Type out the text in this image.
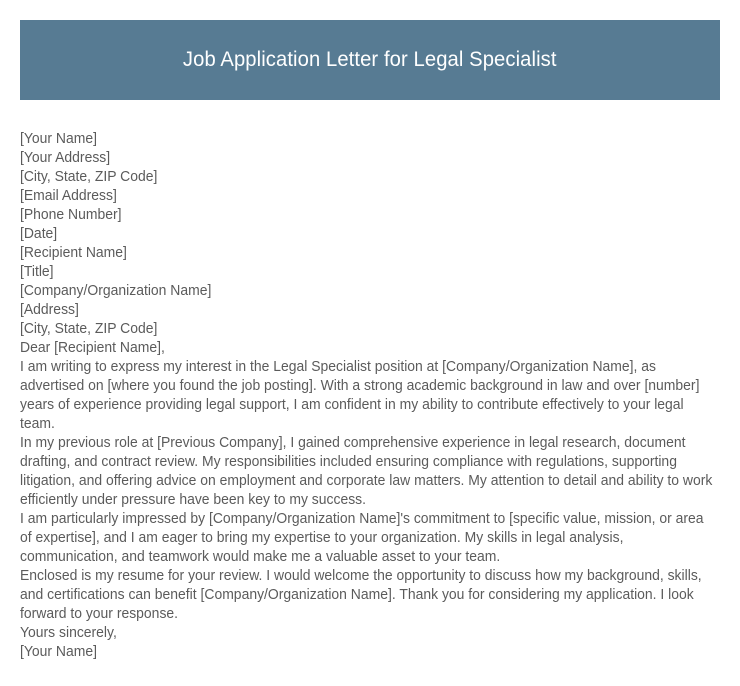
Job Application Letter for Legal Specialist
[Your Name]
[Your Address]
[City, State, ZIP Code]
[Email Address]
[Phone Number]
[Date]
[Recipient Name]
[Title]
[Company/Organization Name]
[Address]
[City, State, ZIP Code]
Dear [Recipient Name],

I am writing to express my interest in the Legal Specialist position at [Company/Organization Name], as advertised on [where you found the job posting]. With a strong academic background in law and over [number] years of experience providing legal support, I am confident in my ability to contribute effectively to your legal team.

In my previous role at [Previous Company], I gained comprehensive experience in legal research, document drafting, and contract review. My responsibilities included ensuring compliance with regulations, supporting litigation, and offering advice on employment and corporate law matters. My attention to detail and ability to work efficiently under pressure have been key to my success.

I am particularly impressed by [Company/Organization Name]'s commitment to [specific value, mission, or area of expertise], and I am eager to bring my expertise to your organization. My skills in legal analysis, communication, and teamwork would make me a valuable asset to your team.

Enclosed is my resume for your review. I would welcome the opportunity to discuss how my background, skills, and certifications can benefit [Company/Organization Name]. Thank you for considering my application. I look forward to your response.

Yours sincerely,
[Your Name]
